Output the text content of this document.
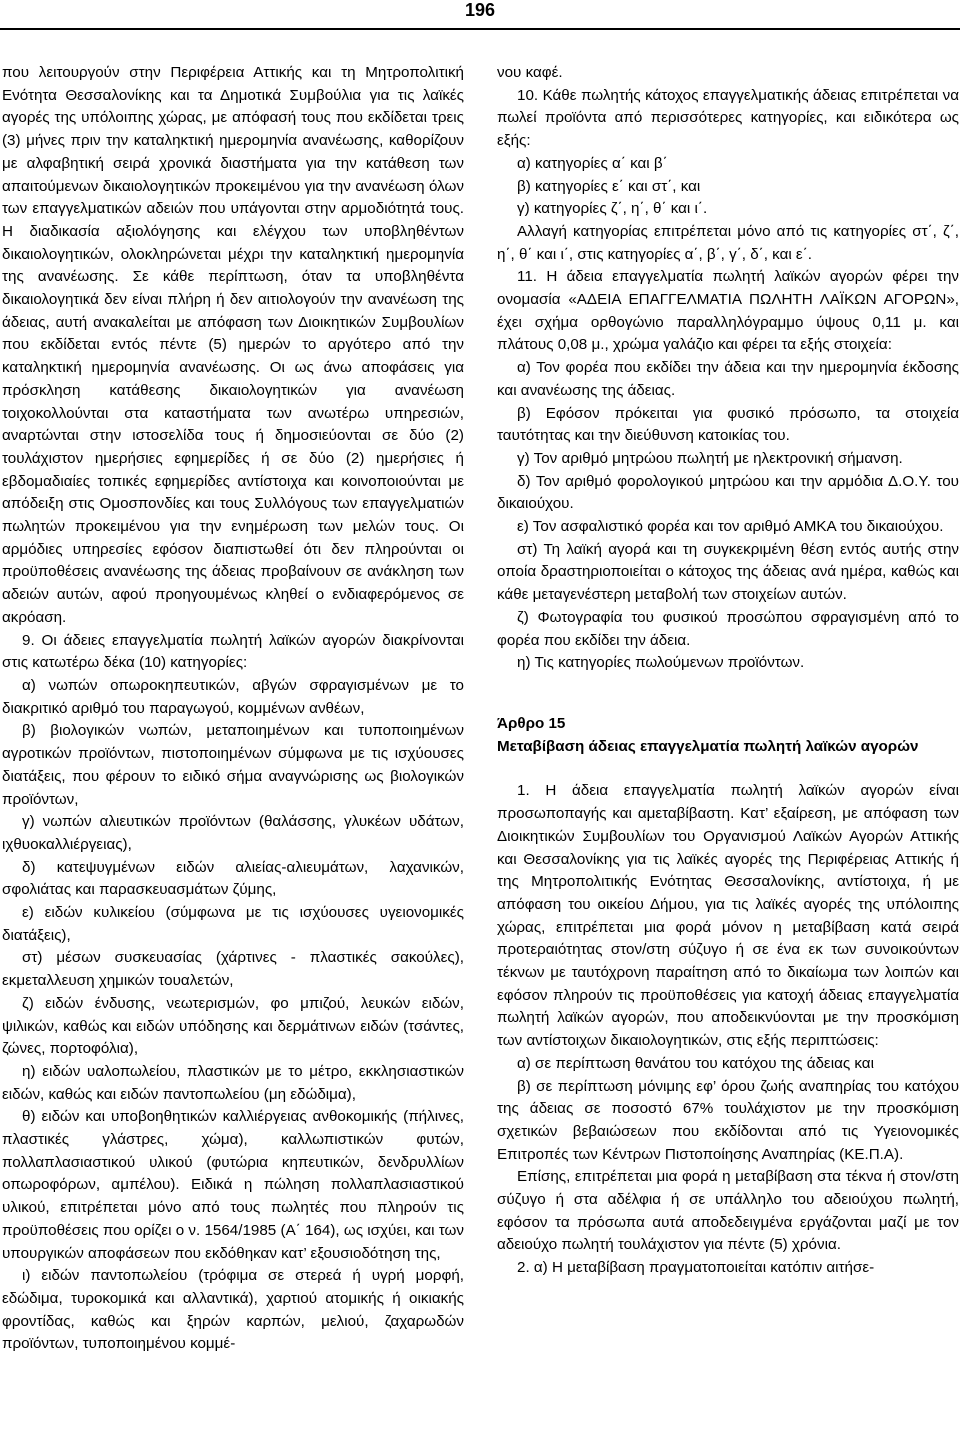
196

που λειτουργούν στην Περιφέρεια Αττικής και τη Μητροπολιτική Ενότητα Θεσσαλονίκης και τα Δημοτικά Συμβούλια για τις λαϊκές αγορές της υπόλοιπης χώρας, με απόφασή τους που εκδίδεται τρεις (3) μήνες πριν την καταληκτική ημερομηνία ανανέωσης, καθορίζουν με αλφαβητική σειρά χρονικά διαστήματα για την κατάθεση των απαιτούμενων δικαιολογητικών προκειμένου για την ανανέωση όλων των επαγγελματικών αδειών που υπάγονται στην αρμοδιότητά τους. Η διαδικασία αξιολόγησης και ελέγχου των υποβληθέντων δικαιολογητικών, ολοκληρώνεται μέχρι την καταληκτική ημερομηνία της ανανέωσης. Σε κάθε περίπτωση, όταν τα υποβληθέντα δικαιολογητικά δεν είναι πλήρη ή δεν αιτιολογούν την ανανέωση της άδειας, αυτή ανακαλείται με απόφαση των Διοικητικών Συμβουλίων που εκδίδεται εντός πέντε (5) ημερών το αργότερο από την καταληκτική ημερομηνία ανανέωσης. Οι ως άνω αποφάσεις για πρόσκληση κατάθεσης δικαιολογητικών για ανανέωση τοιχοκολλούνται στα καταστήματα των ανωτέρω υπηρεσιών, αναρτώνται στην ιστοσελίδα τους ή δημοσιεύονται σε δύο (2) τουλάχιστον ημερήσιες εφημερίδες ή σε δύο (2) ημερήσιες ή εβδομαδιαίες τοπικές εφημερίδες αντίστοιχα και κοινοποιούνται με απόδειξη στις Ομοσπονδίες και τους Συλλόγους των επαγγελματιών πωλητών προκειμένου για την ενημέρωση των μελών τους. Οι αρμόδιες υπηρεσίες εφόσον διαπιστωθεί ότι δεν πληρούνται οι προϋποθέσεις ανανέωσης της άδειας προβαίνουν σε ανάκληση των αδειών αυτών, αφού προηγουμένως κληθεί ο ενδιαφερόμενος σε ακρόαση.

9. Οι άδειες επαγγελματία πωλητή λαϊκών αγορών διακρίνονται στις κατωτέρω δέκα (10) κατηγορίες:

α) νωπών οπωροκηπευτικών, αβγών σφραγισμένων με το διακριτικό αριθμό του παραγωγού, κομμένων ανθέων,

β) βιολογικών νωπών, μεταποιημένων και τυποποιημένων αγροτικών προϊόντων, πιστοποιημένων σύμφωνα με τις ισχύουσες διατάξεις, που φέρουν το ειδικό σήμα αναγνώρισης ως βιολογικών προϊόντων,

γ) νωπών αλιευτικών προϊόντων (θαλάσσης, γλυκέων υδάτων, ιχθυοκαλλιέργειας),

δ) κατεψυγμένων ειδών αλιείας-αλιευμάτων, λαχανικών, σφολιάτας και παρασκευασμάτων ζύμης,

ε) ειδών κυλικείου (σύμφωνα με τις ισχύουσες υγειονομικές διατάξεις),

στ) μέσων συσκευασίας (χάρτινες - πλαστικές σακούλες), εκμεταλλευση χημικών τουαλετών,

ζ) ειδών ένδυσης, νεωτερισμών, φο μπιζού, λευκών ειδών, ψιλικών, καθώς και ειδών υπόδησης και δερμάτινων ειδών (τσάντες, ζώνες, πορτοφόλια),

η) ειδών υαλοπωλείου, πλαστικών με το μέτρο, εκκλησιαστικών ειδών, καθώς και ειδών παντοπωλείου (μη εδώδιμα),

θ) ειδών και υποβοηθητικών καλλιέργειας ανθοκομικής (πήλινες, πλαστικές γλάστρες, χώμα), καλλωπιστικών φυτών, πολλαπλασιαστικού υλικού (φυτώρια κηπευτικών, δενδρυλλίων οπωροφόρων, αμπέλου). Ειδικά η πώληση πολλαπλασιαστικού υλικού, επιτρέπεται μόνο από τους πωλητές που πληρούν τις προϋποθέσεις που ορίζει ο ν. 1564/1985 (Α΄ 164), ως ισχύει, και των υπουργικών αποφάσεων που εκδόθηκαν κατ’ εξουσιοδότηση της,

ι) ειδών παντοπωλείου (τρόφιμα σε στερεά ή υγρή μορφή, εδώδιμα, τυροκομικά και αλλαντικά), χαρτιού ατομικής ή οικιακής φροντίδας, καθώς και ξηρών καρπών, μελιού, ζαχαρωδών προϊόντων, τυποποιημένου κομμέ-

νου καφέ.

10. Κάθε πωλητής κάτοχος επαγγελματικής άδειας επιτρέπεται να πωλεί προϊόντα από περισσότερες κατηγορίες, και ειδικότερα ως εξής:

α) κατηγορίες α΄ και β΄

β) κατηγορίες ε΄ και στ΄, και

γ) κατηγορίες ζ΄, η΄, θ΄ και ι΄.

Αλλαγή κατηγορίας επιτρέπεται μόνο από τις κατηγορίες στ΄, ζ΄, η΄, θ΄ και ι΄, στις κατηγορίες α΄, β΄, γ΄, δ΄, και ε΄.

11. Η άδεια επαγγελματία πωλητή λαϊκών αγορών φέρει την ονομασία «ΑΔΕΙΑ ΕΠΑΓΓΕΛΜΑΤΙΑ ΠΩΛΗΤΗ ΛΑΪΚΩΝ ΑΓΟΡΩΝ», έχει σχήμα ορθογώνιο παραλληλόγραμμο ύψους 0,11 μ. και πλάτους 0,08 μ., χρώμα γαλάζιο και φέρει τα εξής στοιχεία:

α) Τον φορέα που εκδίδει την άδεια και την ημερομηνία έκδοσης και ανανέωσης της άδειας.

β) Εφόσον πρόκειται για φυσικό πρόσωπο, τα στοιχεία ταυτότητας και την διεύθυνση κατοικίας του.

γ) Τον αριθμό μητρώου πωλητή με ηλεκτρονική σήμανση.

δ) Τον αριθμό φορολογικού μητρώου και την αρμόδια Δ.Ο.Υ. του δικαιούχου.

ε) Τον ασφαλιστικό φορέα και τον αριθμό ΑΜΚΑ του δικαιούχου.

στ) Τη λαϊκή αγορά και τη συγκεκριμένη θέση εντός αυτής στην οποία δραστηριοποιείται ο κάτοχος της άδειας ανά ημέρα, καθώς και κάθε μεταγενέστερη μεταβολή των στοιχείων αυτών.

ζ) Φωτογραφία του φυσικού προσώπου σφραγισμένη από το φορέα που εκδίδει την άδεια.

η) Τις κατηγορίες πωλούμενων προϊόντων.

Άρθρο 15

Μεταβίβαση άδειας επαγγελματία πωλητή λαϊκών αγορών

1. Η άδεια επαγγελματία πωλητή λαϊκών αγορών είναι προσωποπαγής και αμεταβίβαστη. Κατ’ εξαίρεση, με απόφαση των Διοικητικών Συμβουλίων του Οργανισμού Λαϊκών Αγορών Αττικής και Θεσσαλονίκης για τις λαϊκές αγορές της Περιφέρειας Αττικής ή της Μητροπολιτικής Ενότητας Θεσσαλονίκης, αντίστοιχα, ή με απόφαση του οικείου Δήμου, για τις λαϊκές αγορές της υπόλοιπης χώρας, επιτρέπεται μια φορά μόνον η μεταβίβαση κατά σειρά προτεραιότητας στον/στη σύζυγο ή σε ένα εκ των συνοικούντων τέκνων με ταυτόχρονη παραίτηση από το δικαίωμα των λοιπών και εφόσον πληρούν τις προϋποθέσεις για κατοχή άδειας επαγγελματία πωλητή λαϊκών αγορών, που αποδεικνύονται με την προσκόμιση των αντίστοιχων δικαιολογητικών, στις εξής περιπτώσεις:

α) σε περίπτωση θανάτου του κατόχου της άδειας και

β) σε περίπτωση μόνιμης εφ’ όρου ζωής αναπηρίας του κατόχου της άδειας σε ποσοστό 67% τουλάχιστον με την προσκόμιση σχετικών βεβαιώσεων που εκδίδονται από τις Υγειονομικές Επιτροπές των Κέντρων Πιστοποίησης Αναπηρίας (ΚΕ.Π.Α).

Επίσης, επιτρέπεται μια φορά η μεταβίβαση στα τέκνα ή στον/στη σύζυγο ή στα αδέλφια ή σε υπάλληλο του αδειούχου πωλητή, εφόσον τα πρόσωπα αυτά αποδεδειγμένα εργάζονται μαζί με τον αδειούχο πωλητή τουλάχιστον για πέντε (5) χρόνια.

2. α) Η μεταβίβαση πραγματοποιείται κατόπιν αιτήσε-
